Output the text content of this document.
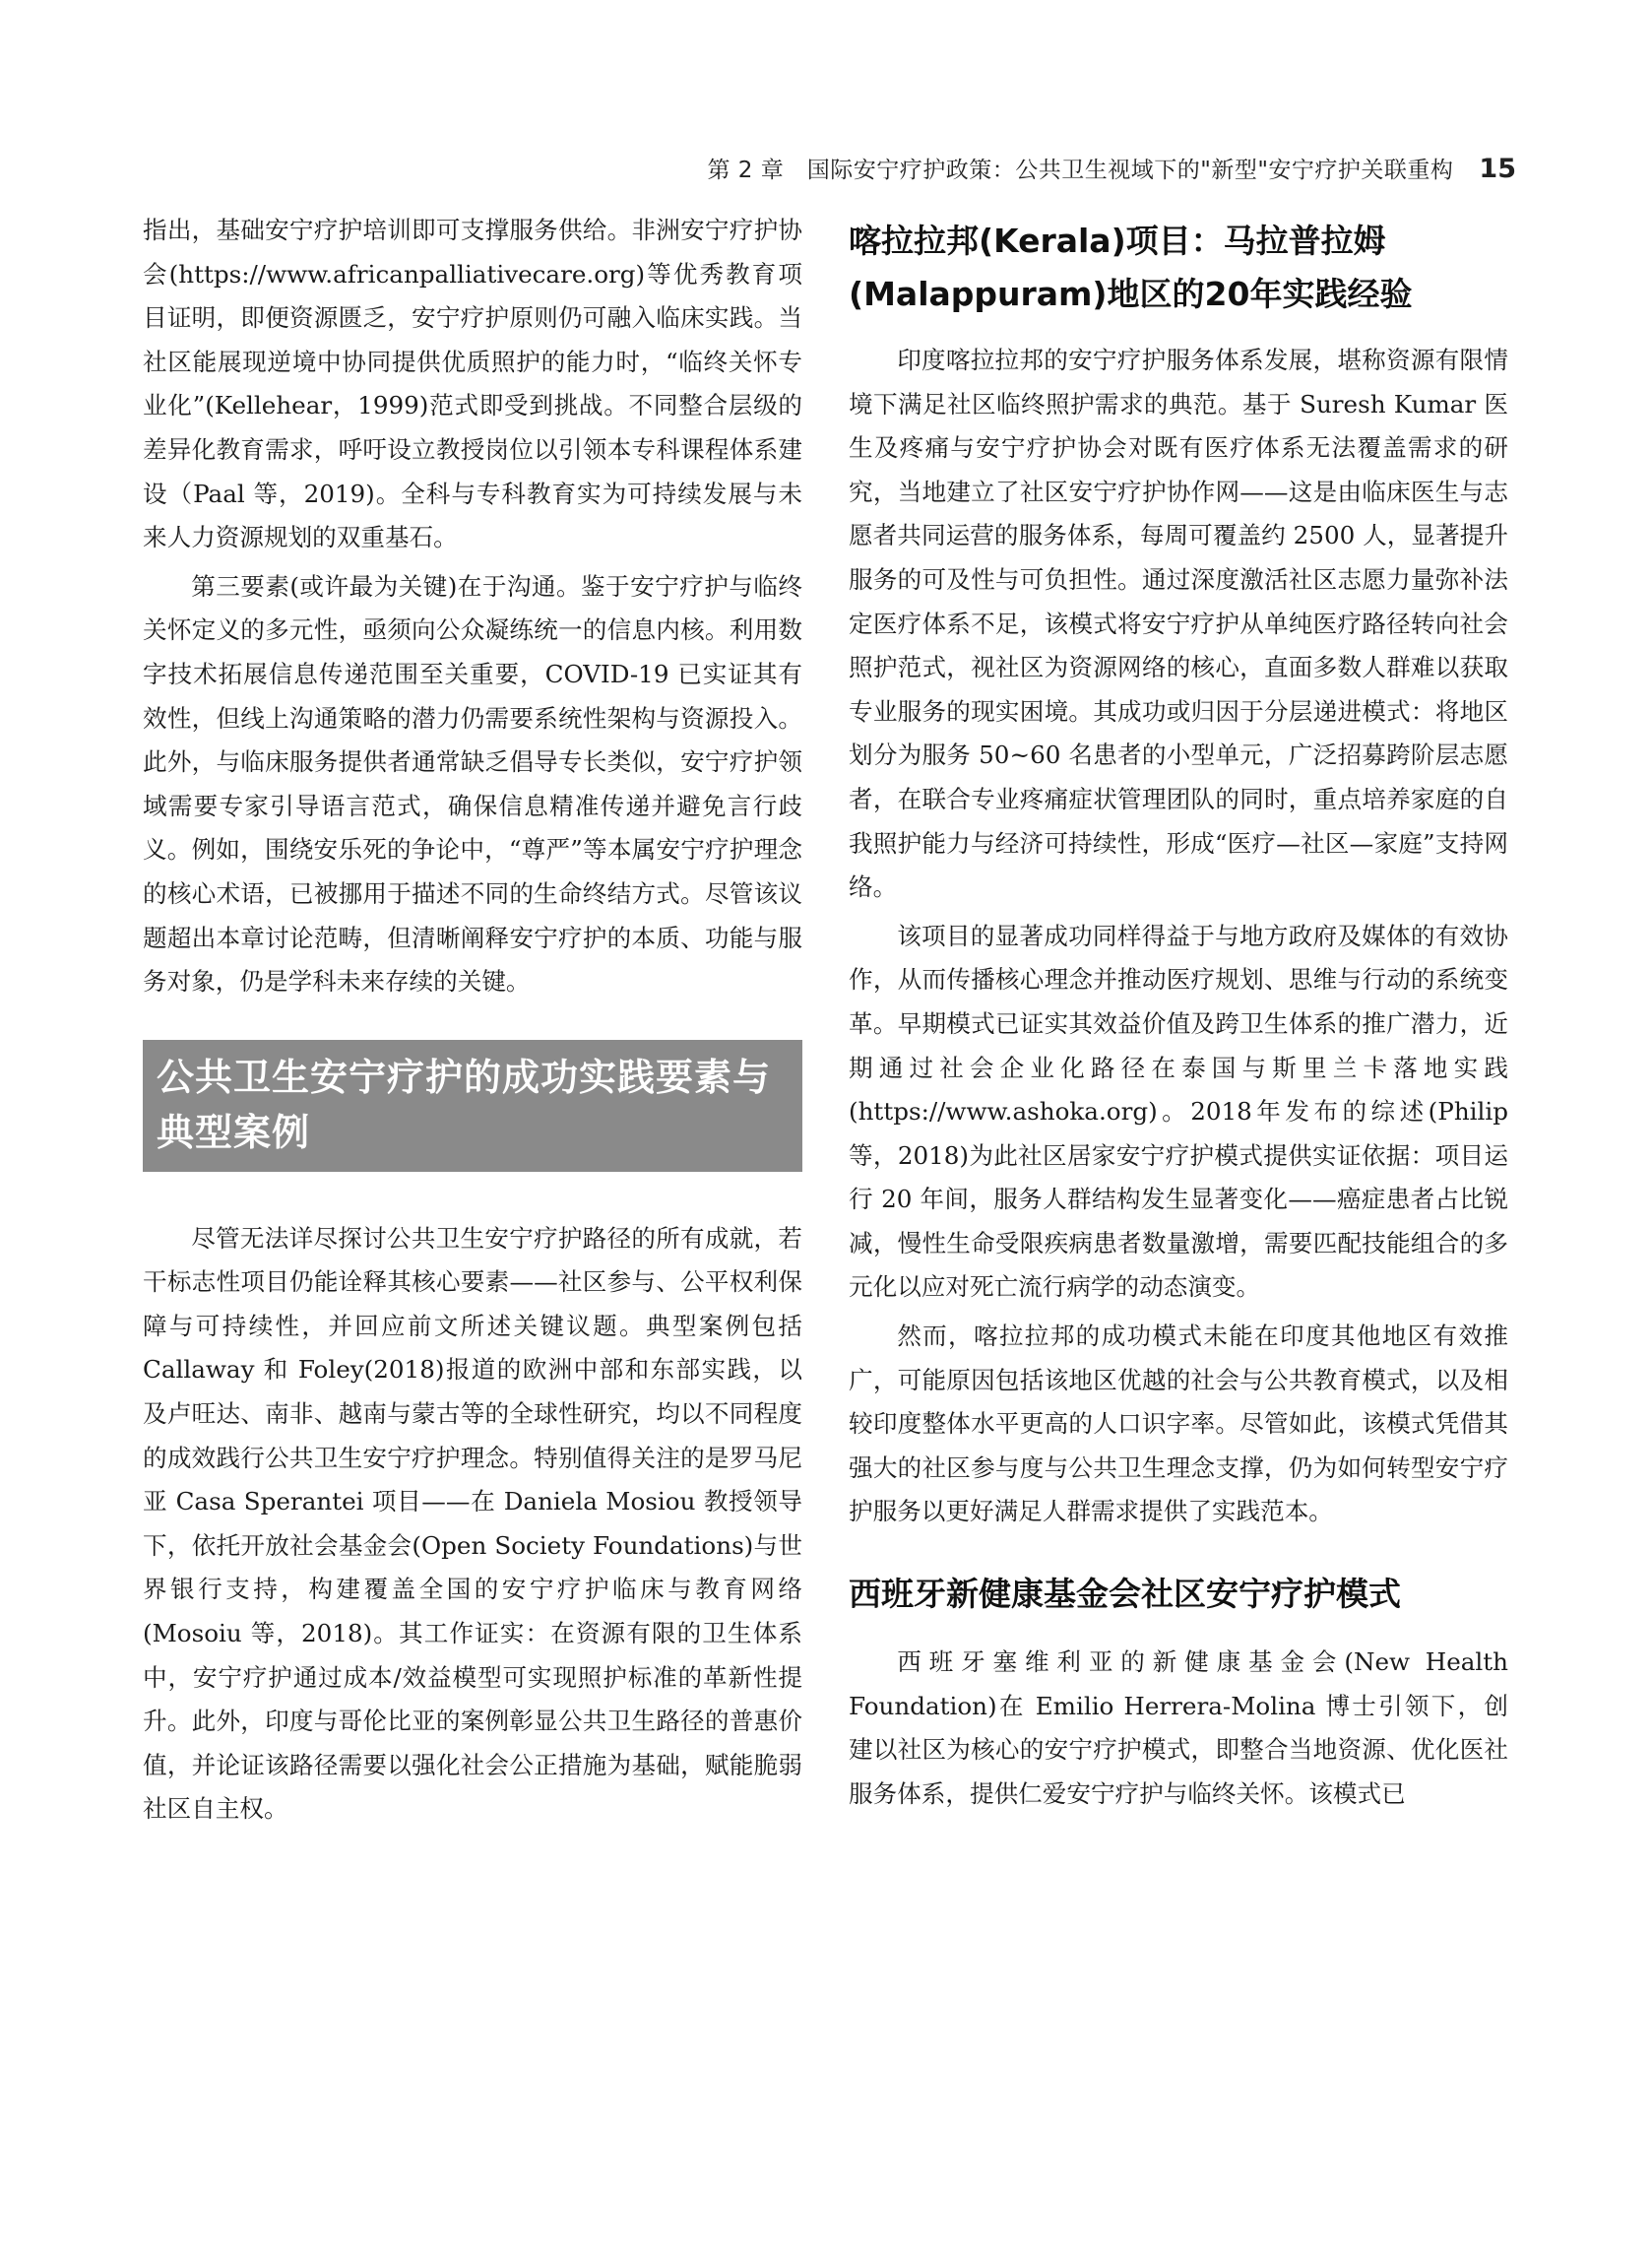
第 2 章　国际安宁疗护政策：公共卫生视域下的"新型"安宁疗护关联重构 15

指出，基础安宁疗护培训即可支撑服务供给。非洲安宁疗护协会(https://www.africanpalliativecare.org)等优秀教育项目证明，即便资源匮乏，安宁疗护原则仍可融入临床实践。当社区能展现逆境中协同提供优质照护的能力时，“临终关怀专业化”(Kellehear，1999)范式即受到挑战。不同整合层级的差异化教育需求，呼吁设立教授岗位以引领本专科课程体系建设（Paal 等，2019)。全科与专科教育实为可持续发展与未来人力资源规划的双重基石。

第三要素(或许最为关键)在于沟通。鉴于安宁疗护与临终关怀定义的多元性，亟须向公众凝练统一的信息内核。利用数字技术拓展信息传递范围至关重要，COVID-19 已实证其有效性，但线上沟通策略的潜力仍需要系统性架构与资源投入。此外，与临床服务提供者通常缺乏倡导专长类似，安宁疗护领域需要专家引导语言范式，确保信息精准传递并避免言行歧义。例如，围绕安乐死的争论中，“尊严”等本属安宁疗护理念的核心术语，已被挪用于描述不同的生命终结方式。尽管该议题超出本章讨论范畴，但清晰阐释安宁疗护的本质、功能与服务对象，仍是学科未来存续的关键。

公共卫生安宁疗护的成功实践要素与典型案例

尽管无法详尽探讨公共卫生安宁疗护路径的所有成就，若干标志性项目仍能诠释其核心要素——社区参与、公平权利保障与可持续性，并回应前文所述关键议题。典型案例包括 Callaway 和 Foley(2018)报道的欧洲中部和东部实践，以及卢旺达、南非、越南与蒙古等的全球性研究，均以不同程度的成效践行公共卫生安宁疗护理念。特别值得关注的是罗马尼亚 Casa Sperantei 项目——在 Daniela Mosiou 教授领导下，依托开放社会基金会(Open Society Foundations)与世界银行支持，构建覆盖全国的安宁疗护临床与教育网络(Mosoiu 等，2018)。其工作证实：在资源有限的卫生体系中，安宁疗护通过成本/效益模型可实现照护标准的革新性提升。此外，印度与哥伦比亚的案例彰显公共卫生路径的普惠价值，并论证该路径需要以强化社会公正措施为基础，赋能脆弱社区自主权。

喀拉拉邦(Kerala)项目：马拉普拉姆
(Malappuram)地区的20年实践经验

印度喀拉拉邦的安宁疗护服务体系发展，堪称资源有限情境下满足社区临终照护需求的典范。基于 Suresh Kumar 医生及疼痛与安宁疗护协会对既有医疗体系无法覆盖需求的研究，当地建立了社区安宁疗护协作网——这是由临床医生与志愿者共同运营的服务体系，每周可覆盖约 2500 人，显著提升服务的可及性与可负担性。通过深度激活社区志愿力量弥补法定医疗体系不足，该模式将安宁疗护从单纯医疗路径转向社会照护范式，视社区为资源网络的核心，直面多数人群难以获取专业服务的现实困境。其成功或归因于分层递进模式：将地区划分为服务 50~60 名患者的小型单元，广泛招募跨阶层志愿者，在联合专业疼痛症状管理团队的同时，重点培养家庭的自我照护能力与经济可持续性，形成“医疗—社区—家庭”支持网络。

该项目的显著成功同样得益于与地方政府及媒体的有效协作，从而传播核心理念并推动医疗规划、思维与行动的系统变革。早期模式已证实其效益价值及跨卫生体系的推广潜力，近期通过社会企业化路径在泰国与斯里兰卡落地实践(https://www.ashoka.org)。2018年发布的综述(Philip 等，2018)为此社区居家安宁疗护模式提供实证依据：项目运行 20 年间，服务人群结构发生显著变化——癌症患者占比锐减，慢性生命受限疾病患者数量激增，需要匹配技能组合的多元化以应对死亡流行病学的动态演变。

然而，喀拉拉邦的成功模式未能在印度其他地区有效推广，可能原因包括该地区优越的社会与公共教育模式，以及相较印度整体水平更高的人口识字率。尽管如此，该模式凭借其强大的社区参与度与公共卫生理念支撑，仍为如何转型安宁疗护服务以更好满足人群需求提供了实践范本。

西班牙新健康基金会社区安宁疗护模式

西班牙塞维利亚的新健康基金会(New Health Foundation)在 Emilio Herrera-Molina 博士引领下，创建以社区为核心的安宁疗护模式，即整合当地资源、优化医社服务体系，提供仁爱安宁疗护与临终关怀。该模式已
